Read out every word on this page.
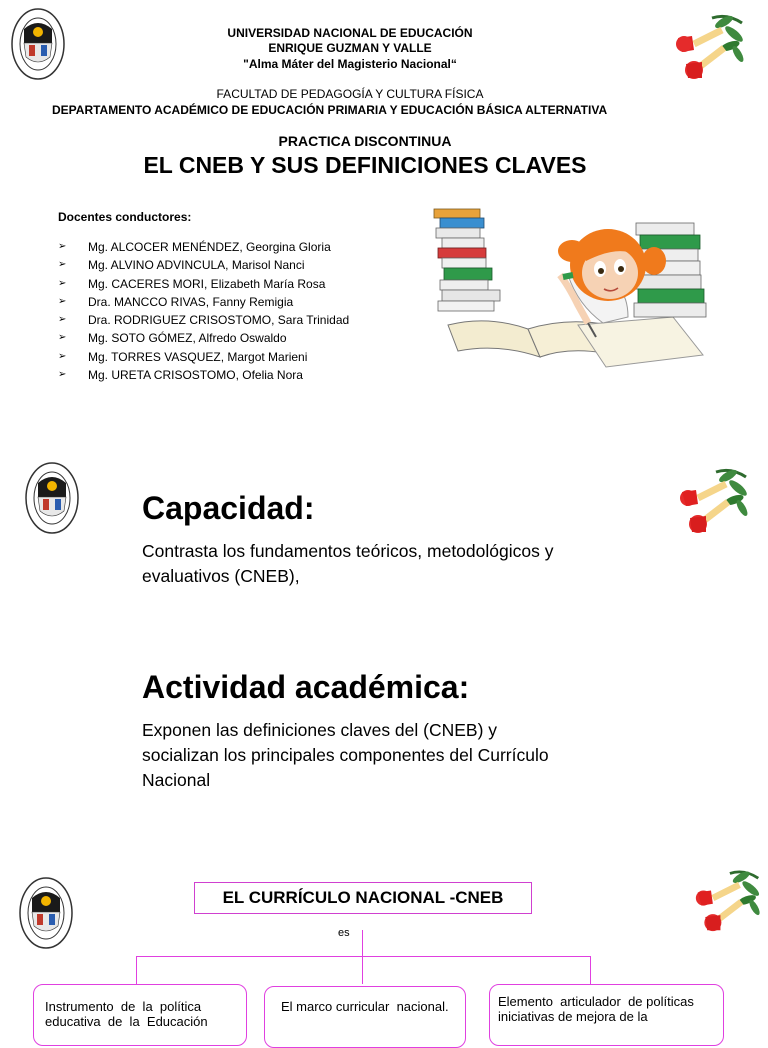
UNIVERSIDAD NACIONAL DE EDUCACIÓN
ENRIQUE GUZMAN Y VALLE
"Alma Máter del Magisterio Nacional“
FACULTAD DE PEDAGOGÍA Y CULTURA FÍSICA
DEPARTAMENTO ACADÉMICO DE EDUCACIÓN PRIMARIA Y EDUCACIÓN BÁSICA ALTERNATIVA
PRACTICA DISCONTINUA
EL CNEB Y SUS DEFINICIONES CLAVES
Docentes conductores:
➢	Mg. ALCOCER MENÉNDEZ, Georgina Gloria
➢	Mg. ALVINO ADVINCULA, Marisol Nanci
➢	Mg. CACERES MORI, Elizabeth María Rosa
➢	Dra. MANCCO RIVAS, Fanny Remigia
➢	Dra. RODRIGUEZ CRISOSTOMO, Sara Trinidad
➢	Mg. SOTO GÓMEZ, Alfredo Oswaldo
➢	Mg. TORRES VASQUEZ, Margot Marieni
➢	Mg. URETA CRISOSTOMO, Ofelia Nora
Capacidad:
Contrasta los fundamentos teóricos, metodológicos y
evaluativos (CNEB),
Actividad académica:
Exponen las definiciones claves del (CNEB) y
socializan los principales componentes del Currículo
Nacional
EL CURRÍCULO NACIONAL -CNEB
es
Instrumento  de  la  política
educativa  de  la  Educación
El marco curricular  nacional.	Elemento  articulador  de políticas
iniciativas de mejora de la
